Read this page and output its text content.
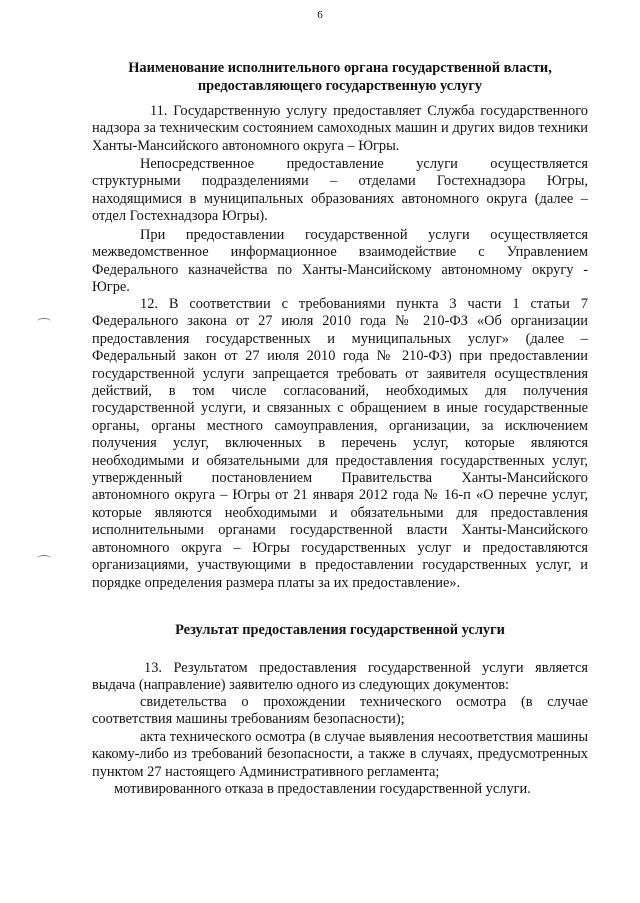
6
Наименование исполнительного органа государственной власти,
предоставляющего государственную услугу

11. Государственную услугу предоставляет Служба государственного надзора за техническим состоянием самоходных машин и других видов техники Ханты-Мансийского автономного округа – Югры.

Непосредственное предоставление услуги осуществляется структурными подразделениями – отделами Гостехнадзора Югры, находящимися в муниципальных образованиях автономного округа (далее – отдел Гостехнадзора Югры).

При предоставлении государственной услуги осуществляется межведомственное информационное взаимодействие с Управлением Федерального казначейства по Ханты-Мансийскому автономному округу - Югре.

12. В соответствии с требованиями пункта 3 части 1 статьи 7 Федерального закона от 27 июля 2010 года № 210-ФЗ «Об организации предоставления государственных и муниципальных услуг» (далее – Федеральный закон от 27 июля 2010 года № 210-ФЗ) при предоставлении государственной услуги запрещается требовать от заявителя осуществления действий, в том числе согласований, необходимых для получения государственной услуги, и связанных с обращением в иные государственные органы, органы местного самоуправления, организации, за исключением получения услуг, включенных в перечень услуг, которые являются необходимыми и обязательными для предоставления государственных услуг, утвержденный постановлением Правительства Ханты-Мансийского автономного округа – Югры от 21 января 2012 года № 16-п «О перечне услуг, которые являются необходимыми и обязательными для предоставления исполнительными органами государственной власти Ханты-Мансийского автономного округа – Югры государственных услуг и предоставляются организациями, участвующими в предоставлении государственных услуг, и порядке определения размера платы за их предоставление».

Результат предоставления государственной услуги

13. Результатом предоставления государственной услуги является выдача (направление) заявителю одного из следующих документов:

свидетельства о прохождении технического осмотра (в случае соответствия машины требованиям безопасности);

акта технического осмотра (в случае выявления несоответствия машины какому-либо из требований безопасности, а также в случаях, предусмотренных пунктом 27 настоящего Административного регламента;

мотивированного отказа в предоставлении государственной услуги.
